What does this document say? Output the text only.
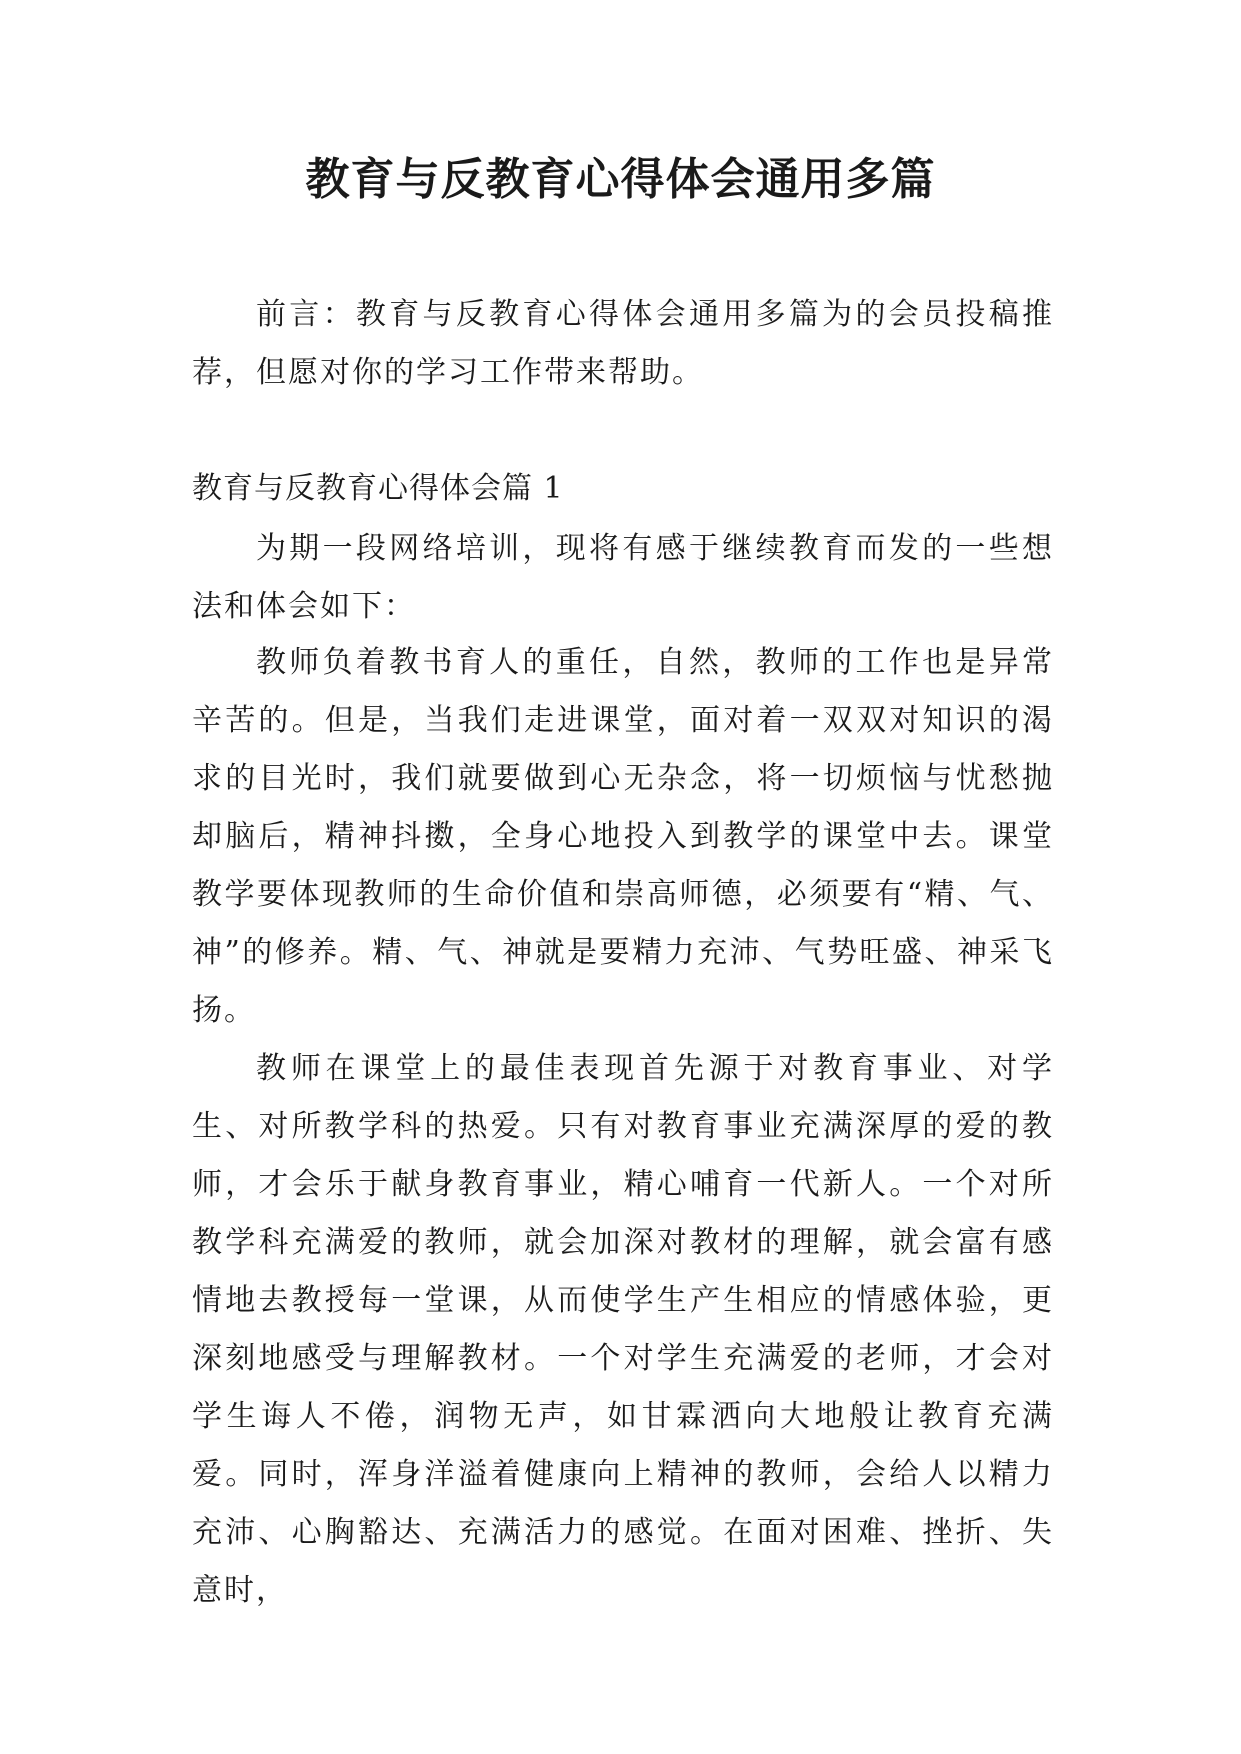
教育与反教育心得体会通用多篇

前言：教育与反教育心得体会通用多篇为的会员投稿推荐，但愿对你的学习工作带来帮助。

教育与反教育心得体会篇 1

为期一段网络培训，现将有感于继续教育而发的一些想法和体会如下：

教师负着教书育人的重任，自然，教师的工作也是异常辛苦的。但是，当我们走进课堂，面对着一双双对知识的渴求的目光时，我们就要做到心无杂念，将一切烦恼与忧愁抛却脑后，精神抖擞，全身心地投入到教学的课堂中去。课堂教学要体现教师的生命价值和崇高师德，必须要有“精、气、神”的修养。精、气、神就是要精力充沛、气势旺盛、神采飞扬。

教师在课堂上的最佳表现首先源于对教育事业、对学生、对所教学科的热爱。只有对教育事业充满深厚的爱的教师，才会乐于献身教育事业，精心哺育一代新人。一个对所教学科充满爱的教师，就会加深对教材的理解，就会富有感情地去教授每一堂课，从而使学生产生相应的情感体验，更深刻地感受与理解教材。一个对学生充满爱的老师，才会对学生诲人不倦，润物无声，如甘霖洒向大地般让教育充满爱。同时，浑身洋溢着健康向上精神的教师，会给人以精力充沛、心胸豁达、充满活力的感觉。在面对困难、挫折、失意时，
